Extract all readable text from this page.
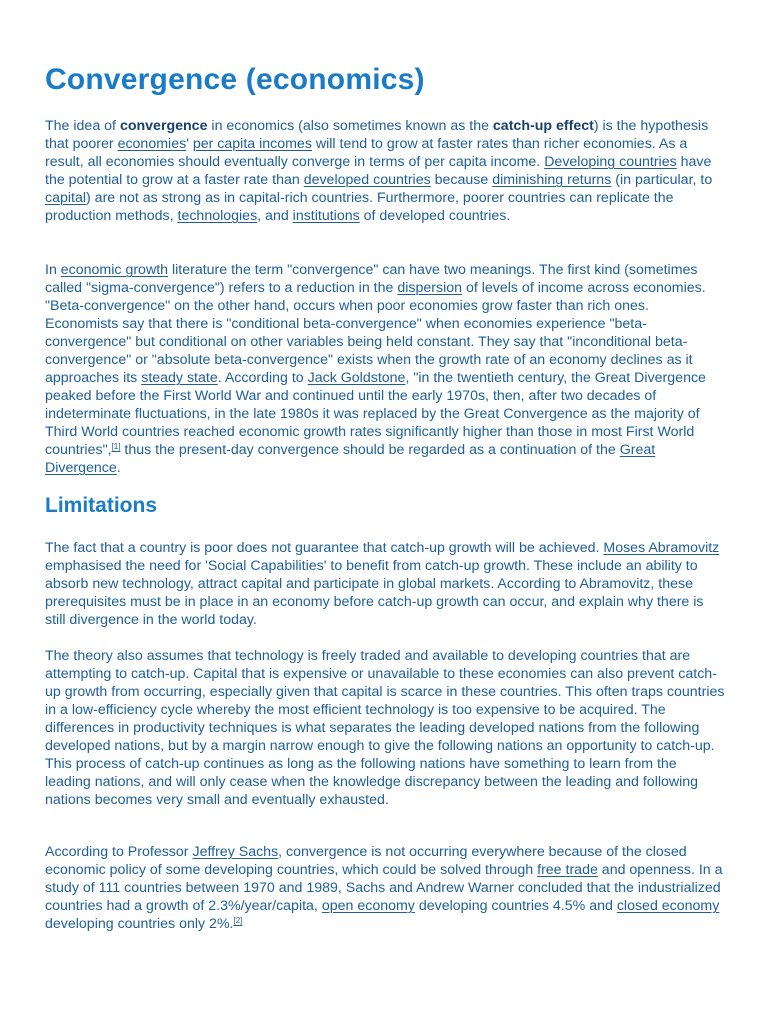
Convergence (economics)

The idea of convergence in economics (also sometimes known as the catch-up effect) is the hypothesis that poorer economies' per capita incomes will tend to grow at faster rates than richer economies. As a result, all economies should eventually converge in terms of per capita income. Developing countries have the potential to grow at a faster rate than developed countries because diminishing returns (in particular, to capital) are not as strong as in capital-rich countries. Furthermore, poorer countries can replicate the production methods, technologies, and institutions of developed countries.

In economic growth literature the term "convergence" can have two meanings. The first kind (sometimes called "sigma-convergence") refers to a reduction in the dispersion of levels of income across economies. "Beta-convergence" on the other hand, occurs when poor economies grow faster than rich ones. Economists say that there is "conditional beta-convergence" when economies experience "beta-convergence" but conditional on other variables being held constant. They say that "inconditional beta-convergence" or "absolute beta-convergence" exists when the growth rate of an economy declines as it approaches its steady state. According to Jack Goldstone, "in the twentieth century, the Great Divergence peaked before the First World War and continued until the early 1970s, then, after two decades of indeterminate fluctuations, in the late 1980s it was replaced by the Great Convergence as the majority of Third World countries reached economic growth rates significantly higher than those in most First World countries",[1] thus the present-day convergence should be regarded as a continuation of the Great Divergence.

Limitations

The fact that a country is poor does not guarantee that catch-up growth will be achieved. Moses Abramovitz emphasised the need for 'Social Capabilities' to benefit from catch-up growth. These include an ability to absorb new technology, attract capital and participate in global markets. According to Abramovitz, these prerequisites must be in place in an economy before catch-up growth can occur, and explain why there is still divergence in the world today.

The theory also assumes that technology is freely traded and available to developing countries that are attempting to catch-up. Capital that is expensive or unavailable to these economies can also prevent catch-up growth from occurring, especially given that capital is scarce in these countries. This often traps countries in a low-efficiency cycle whereby the most efficient technology is too expensive to be acquired. The differences in productivity techniques is what separates the leading developed nations from the following developed nations, but by a margin narrow enough to give the following nations an opportunity to catch-up. This process of catch-up continues as long as the following nations have something to learn from the leading nations, and will only cease when the knowledge discrepancy between the leading and following nations becomes very small and eventually exhausted.

According to Professor Jeffrey Sachs, convergence is not occurring everywhere because of the closed economic policy of some developing countries, which could be solved through free trade and openness. In a study of 111 countries between 1970 and 1989, Sachs and Andrew Warner concluded that the industrialized countries had a growth of 2.3%/year/capita, open economy developing countries 4.5% and closed economy developing countries only 2%.[2]
